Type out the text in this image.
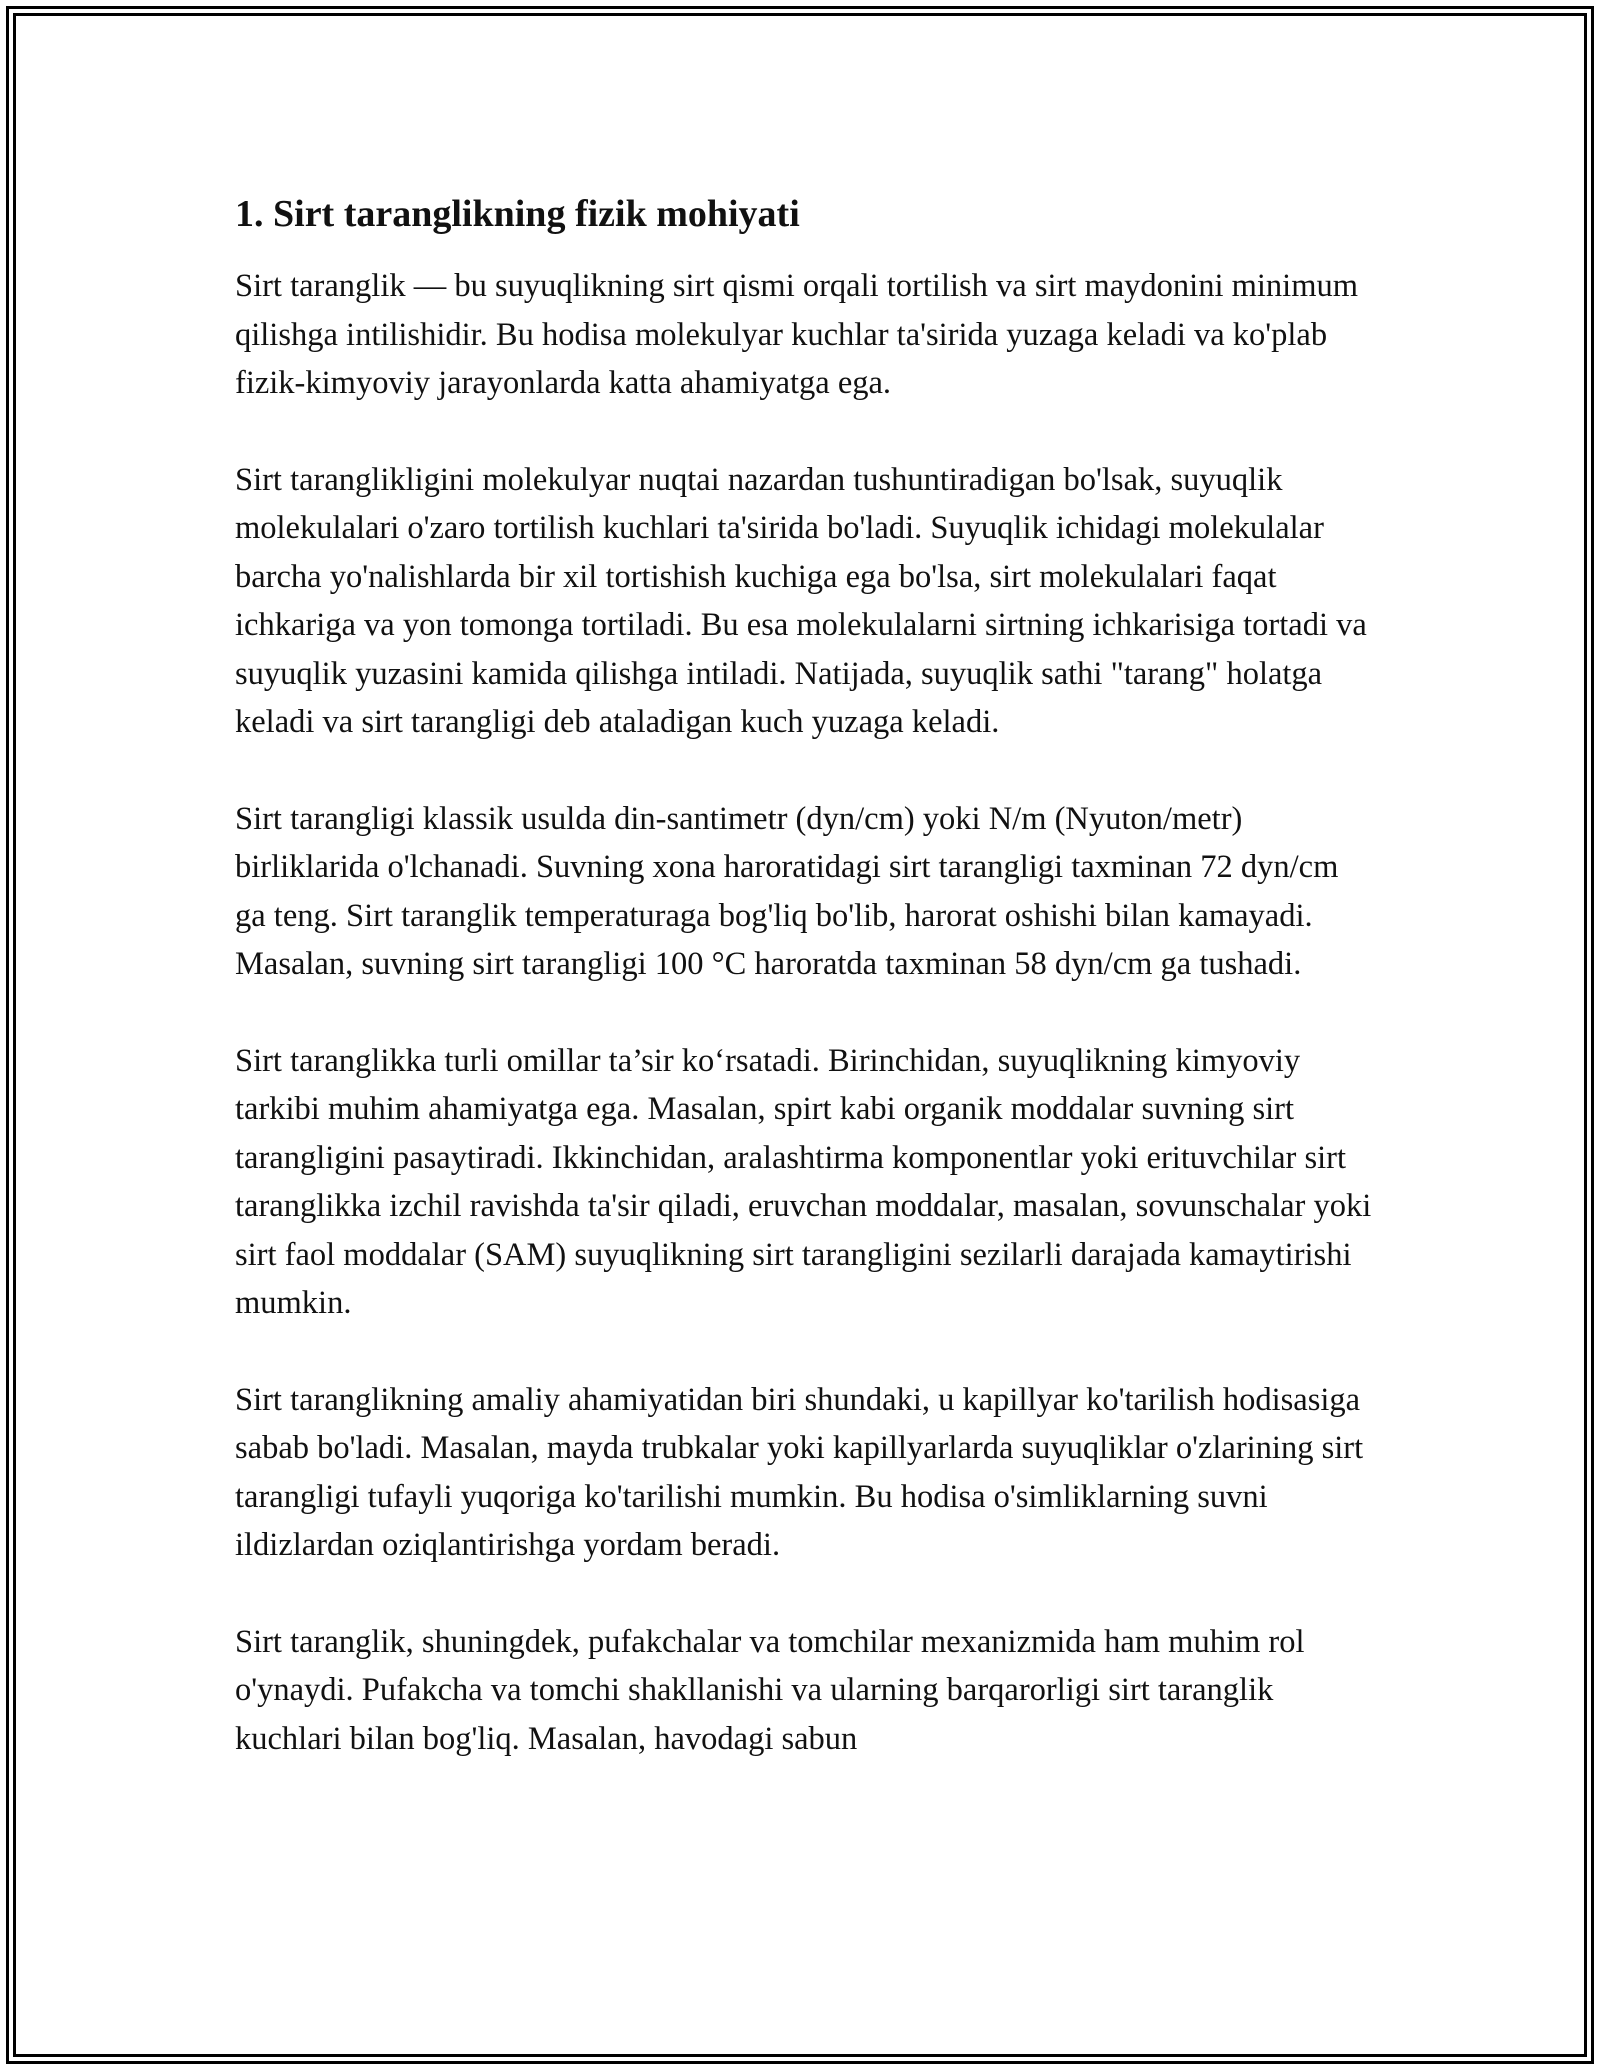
1. Sirt taranglikning fizik mohiyati

Sirt taranglik — bu suyuqlikning sirt qismi orqali tortilish va sirt maydonini minimum qilishga intilishidir. Bu hodisa molekulyar kuchlar ta'sirida yuzaga keladi va ko'plab fizik-kimyoviy jarayonlarda katta ahamiyatga ega.

Sirt taranglikligini molekulyar nuqtai nazardan tushuntiradigan bo'lsak, suyuqlik molekulalari o'zaro tortilish kuchlari ta'sirida bo'ladi. Suyuqlik ichidagi molekulalar barcha yo'nalishlarda bir xil tortishish kuchiga ega bo'lsa, sirt molekulalari faqat ichkariga va yon tomonga tortiladi. Bu esa molekulalarni sirtning ichkarisiga tortadi va suyuqlik yuzasini kamida qilishga intiladi. Natijada, suyuqlik sathi "tarang" holatga keladi va sirt tarangligi deb ataladigan kuch yuzaga keladi.

Sirt tarangligi klassik usulda din-santimetr (dyn/cm) yoki N/m (Nyuton/metr) birliklarida o'lchanadi. Suvning xona haroratidagi sirt tarangligi taxminan 72 dyn/cm ga teng. Sirt taranglik temperaturaga bog'liq bo'lib, harorat oshishi bilan kamayadi. Masalan, suvning sirt tarangligi 100 °C haroratda taxminan 58 dyn/cm ga tushadi.

Sirt taranglikka turli omillar ta’sir ko‘rsatadi. Birinchidan, suyuqlikning kimyoviy tarkibi muhim ahamiyatga ega. Masalan, spirt kabi organik moddalar suvning sirt tarangligini pasaytiradi. Ikkinchidan, aralashtirma komponentlar yoki erituvchilar sirt taranglikka izchil ravishda ta'sir qiladi, eruvchan moddalar, masalan, sovunschalar yoki sirt faol moddalar (SAM) suyuqlikning sirt tarangligini sezilarli darajada kamaytirishi mumkin.

Sirt taranglikning amaliy ahamiyatidan biri shundaki, u kapillyar ko'tarilish hodisasiga sabab bo'ladi. Masalan, mayda trubkalar yoki kapillyarlarda suyuqliklar o'zlarining sirt tarangligi tufayli yuqoriga ko'tarilishi mumkin. Bu hodisa o'simliklarning suvni ildizlardan oziqlantirishga yordam beradi.

Sirt taranglik, shuningdek, pufakchalar va tomchilar mexanizmida ham muhim rol o'ynaydi. Pufakcha va tomchi shakllanishi va ularning barqarorligi sirt taranglik kuchlari bilan bog'liq. Masalan, havodagi sabun
